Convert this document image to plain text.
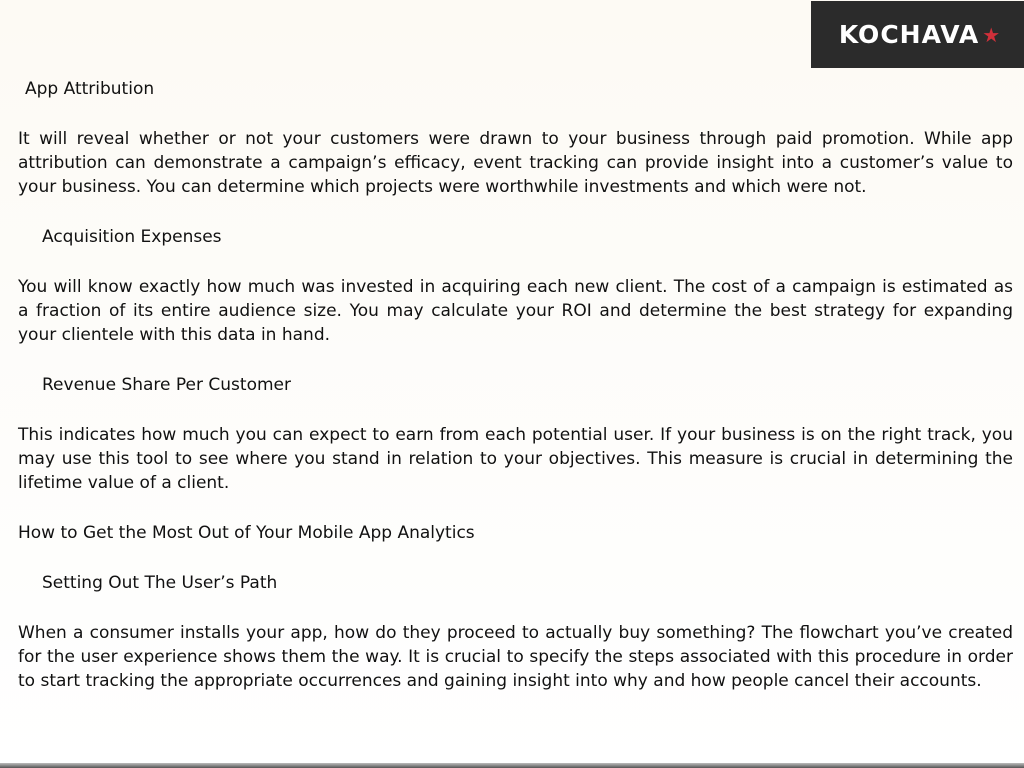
KOCHAVA ★
App Attribution
It will reveal whether or not your customers were drawn to your business through paid promotion. While app attribution can demonstrate a campaign’s efficacy, event tracking can provide insight into a customer’s value to your business. You can determine which projects were worthwhile investments and which were not.
Acquisition Expenses
You will know exactly how much was invested in acquiring each new client. The cost of a campaign is estimated as a fraction of its entire audience size. You may calculate your ROI and determine the best strategy for expanding your clientele with this data in hand.
Revenue Share Per Customer
This indicates how much you can expect to earn from each potential user. If your business is on the right track, you may use this tool to see where you stand in relation to your objectives. This measure is crucial in determining the lifetime value of a client.
How to Get the Most Out of Your Mobile App Analytics
Setting Out The User’s Path
When a consumer installs your app, how do they proceed to actually buy something? The flowchart you’ve created for the user experience shows them the way. It is crucial to specify the steps associated with this procedure in order to start tracking the appropriate occurrences and gaining insight into why and how people cancel their accounts.
